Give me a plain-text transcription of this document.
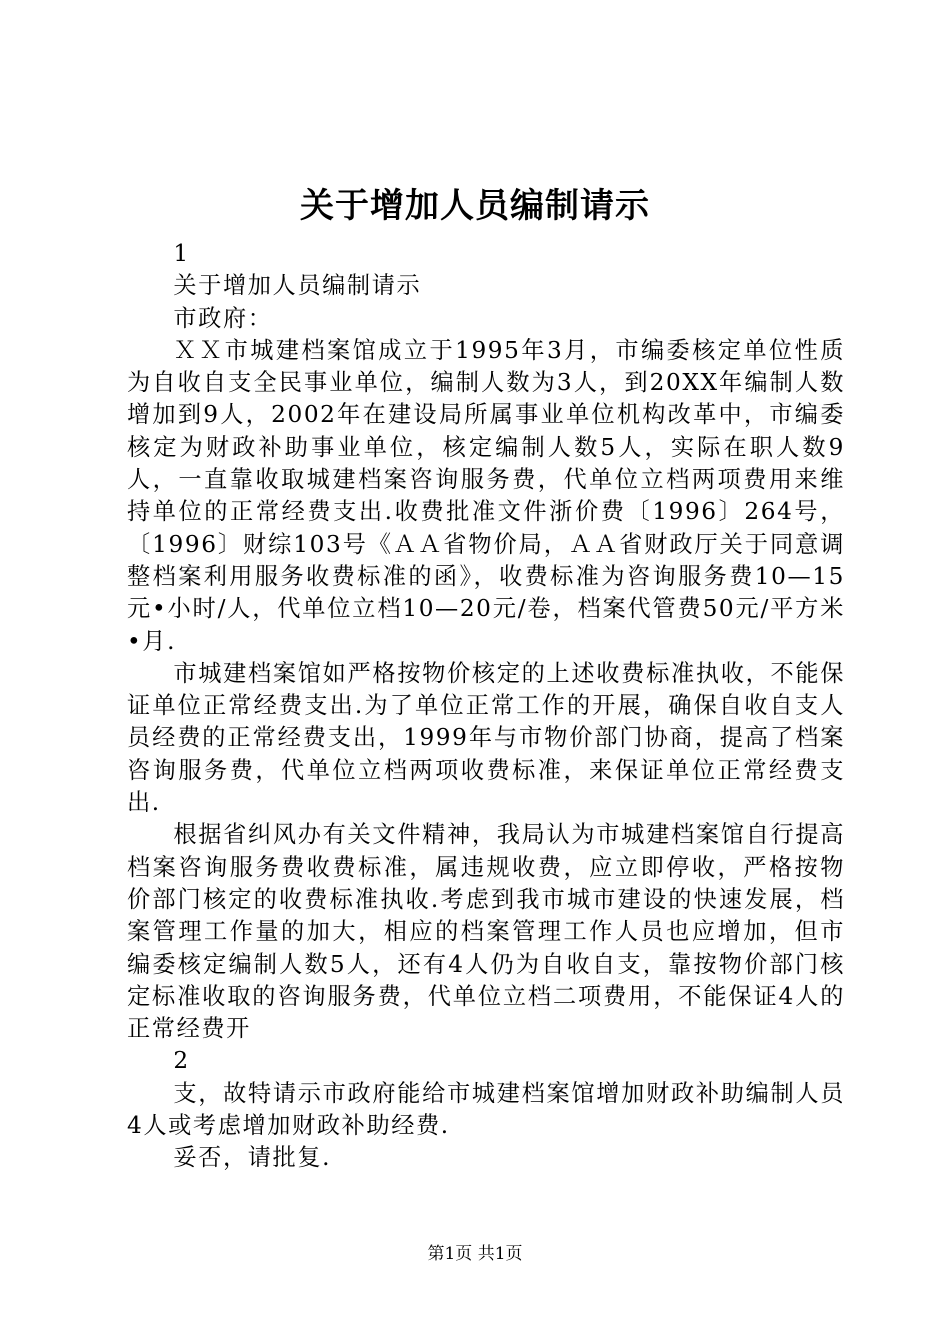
关于增加人员编制请示

1

关于增加人员编制请示

市政府：

ＸＸ市城建档案馆成立于1995年3月，市编委核定单位性质为自收自支全民事业单位，编制人数为3人，到20XX年编制人数增加到9人，2002年在建设局所属事业单位机构改革中，市编委核定为财政补助事业单位，核定编制人数5人，实际在职人数9人，一直靠收取城建档案咨询服务费，代单位立档两项费用来维持单位的正常经费支出.收费批准文件浙价费〔1996〕264号，〔1996〕财综103号《ＡＡ省物价局，ＡＡ省财政厅关于同意调整档案利用服务收费标准的函》，收费标准为咨询服务费10—15元•小时/人，代单位立档10—20元/卷，档案代管费50元/平方米•月.

市城建档案馆如严格按物价核定的上述收费标准执收，不能保证单位正常经费支出.为了单位正常工作的开展，确保自收自支人员经费的正常经费支出，1999年与市物价部门协商，提高了档案咨询服务费，代单位立档两项收费标准，来保证单位正常经费支出.

根据省纠风办有关文件精神，我局认为市城建档案馆自行提高档案咨询服务费收费标准，属违规收费，应立即停收，严格按物价部门核定的收费标准执收.考虑到我市城市建设的快速发展，档案管理工作量的加大，相应的档案管理工作人员也应增加，但市编委核定编制人数5人，还有4人仍为自收自支，靠按物价部门核定标准收取的咨询服务费，代单位立档二项费用，不能保证4人的正常经费开

2

支，故特请示市政府能给市城建档案馆增加财政补助编制人员4人或考虑增加财政补助经费.

妥否，请批复.

第1页 共1页
